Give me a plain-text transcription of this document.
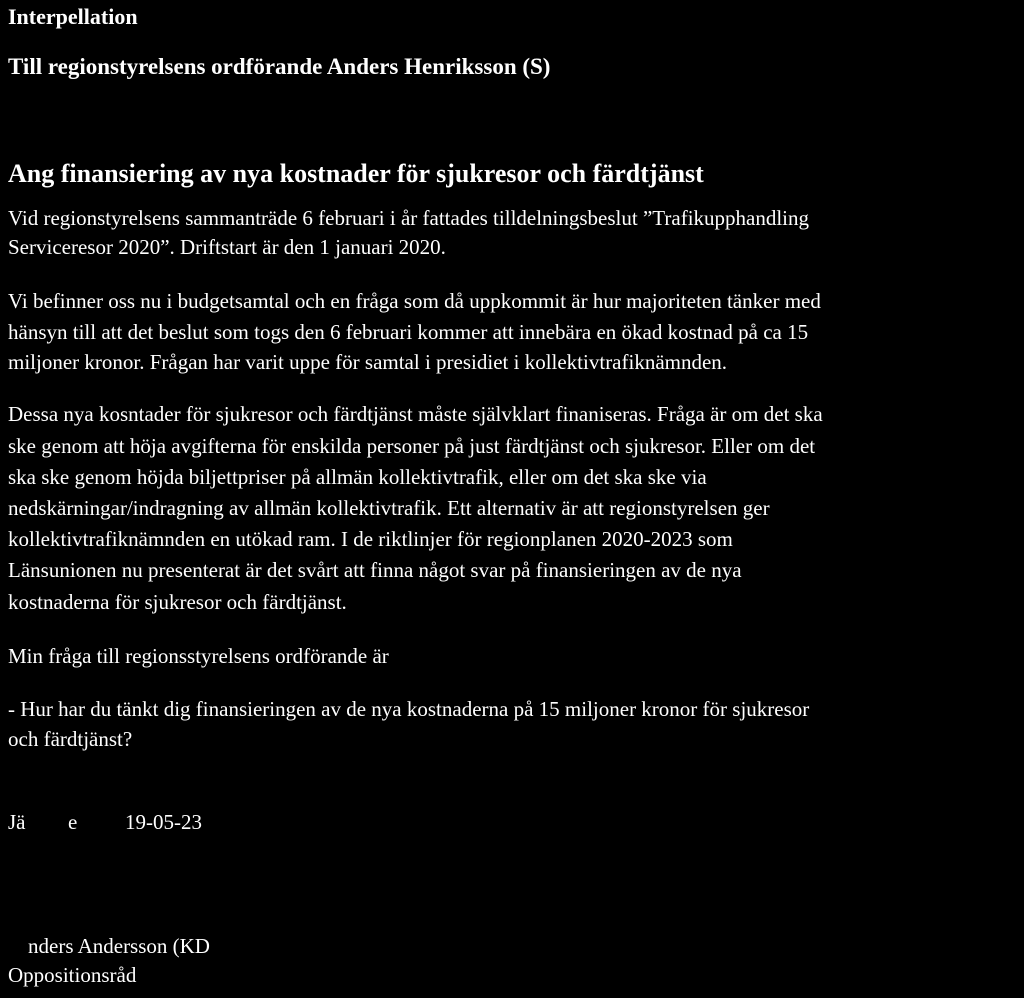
Interpellation

Till regionstyrelsens ordförande Anders Henriksson (S)

Ang finansiering av nya kostnader för sjukresor och färdtjänst

Vid regionstyrelsens sammanträde 6 februari i år fattades tilldelningsbeslut ”Trafikupphandling

Serviceresor 2020”. Driftstart är den 1 januari 2020.

Vi befinner oss nu i budgetsamtal och en fråga som då uppkommit är hur majoriteten tänker med

hänsyn till att det beslut som togs den 6 februari kommer att innebära en ökad kostnad på ca 15

miljoner kronor. Frågan har varit uppe för samtal i presidiet i kollektivtrafiknämnden.

Dessa nya kosntader för sjukresor och färdtjänst måste självklart finaniseras. Fråga är om det ska

ske genom att höja avgifterna för enskilda personer på just färdtjänst och sjukresor. Eller om det

ska ske genom höjda biljettpriser på allmän kollektivtrafik, eller om det ska ske via

nedskärningar/indragning av allmän kollektivtrafik. Ett alternativ är att regionstyrelsen ger

kollektivtrafiknämnden en utökad ram. I de riktlinjer för regionplanen 2020-2023 som

Länsunionen nu presenterat är det svårt att finna något svar på finansieringen av de nya

kostnaderna för sjukresor och färdtjänst.

Min fråga till regionsstyrelsens ordförande är

- Hur har du tänkt dig finansieringen av de nya kostnaderna på 15 miljoner kronor för sjukresor

och färdtjänst?

Jä e 19-05-23

nders Andersson (KD

Oppositionsråd
